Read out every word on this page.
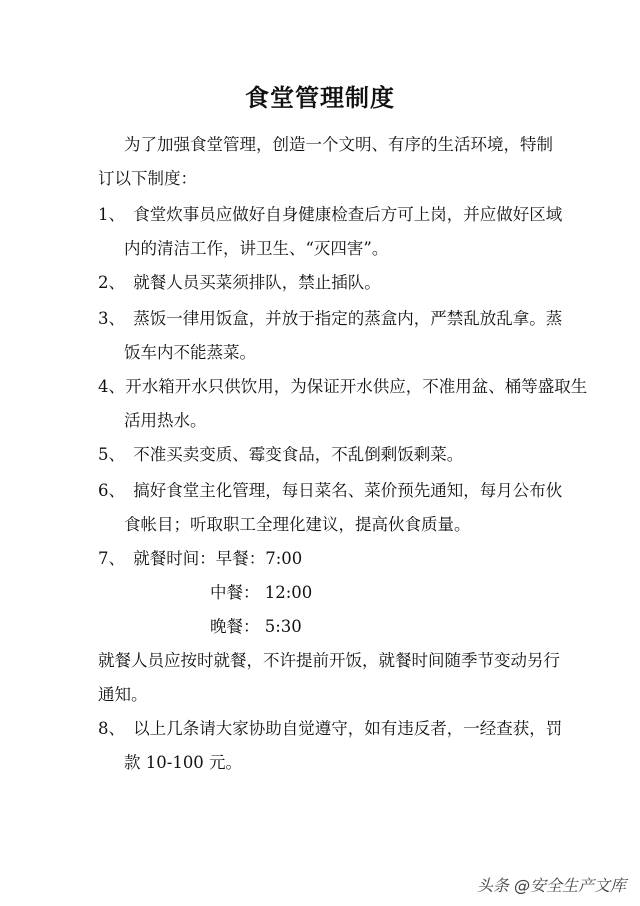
食堂管理制度
为了加强食堂管理，创造一个文明、有序的生活环境，特制
订以下制度：
1、 食堂炊事员应做好自身健康检查后方可上岗，并应做好区域
内的清洁工作，讲卫生、“灭四害”。
2、 就餐人员买菜须排队，禁止插队。
3、 蒸饭一律用饭盒，并放于指定的蒸盒内，严禁乱放乱拿。蒸
饭车内不能蒸菜。
4、 开水箱开水只供饮用，为保证开水供应，不准用盆、桶等盛取生
活用热水。
5、 不准买卖变质、霉变食品，不乱倒剩饭剩菜。
6、 搞好食堂主化管理，每日菜名、菜价预先通知，每月公布伙
食帐目；听取职工全理化建议，提高伙食质量。
7、 就餐时间：早餐：7:00
中餐： 12:00
晚餐： 5:30
就餐人员应按时就餐，不许提前开饭，就餐时间随季节变动另行
通知。
8、 以上几条请大家协助自觉遵守，如有违反者，一经查获，罚
款 10-100 元。
头条 @安全生产文库
